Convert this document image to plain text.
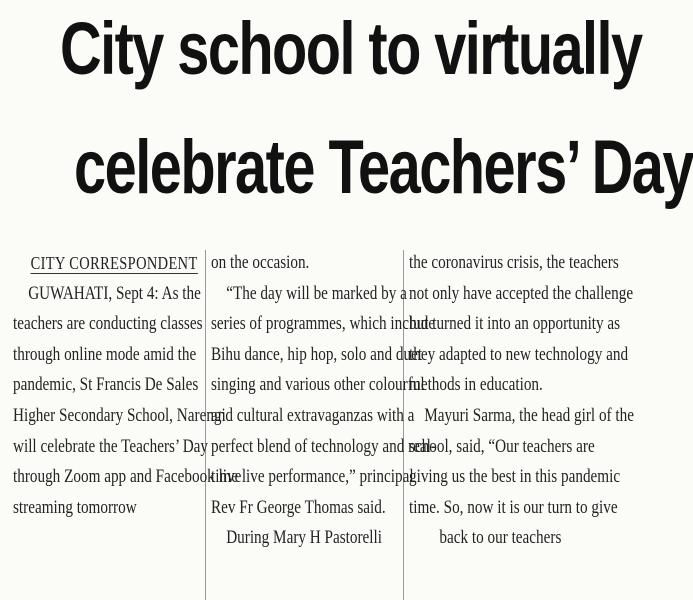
City school to virtually
celebrate Teachers’ Day
CITY CORRESPONDENT
GUWAHATI, Sept 4: As the
teachers are conducting classes
through online mode amid the
pandemic, St Francis De Sales
Higher Secondary School, Narengi
will celebrate the Teachers’ Day
through Zoom app and Facebook live
streaming tomorrow
on the occasion.
“The day will be marked by a
series of programmes, which include
Bihu dance, hip hop, solo and duet
singing and various other colourful
and cultural extravaganzas with a
perfect blend of technology and real-
time live performance,” principal
Rev Fr George Thomas said.
During Mary H Pastorelli
the coronavirus crisis, the teachers
not only have accepted the challenge
but turned it into an opportunity as
they adapted to new technology and
methods in education.
Mayuri Sarma, the head girl of the
school, said, “Our teachers are
giving us the best in this pandemic
time. So, now it is our turn to give
back to our teachers
